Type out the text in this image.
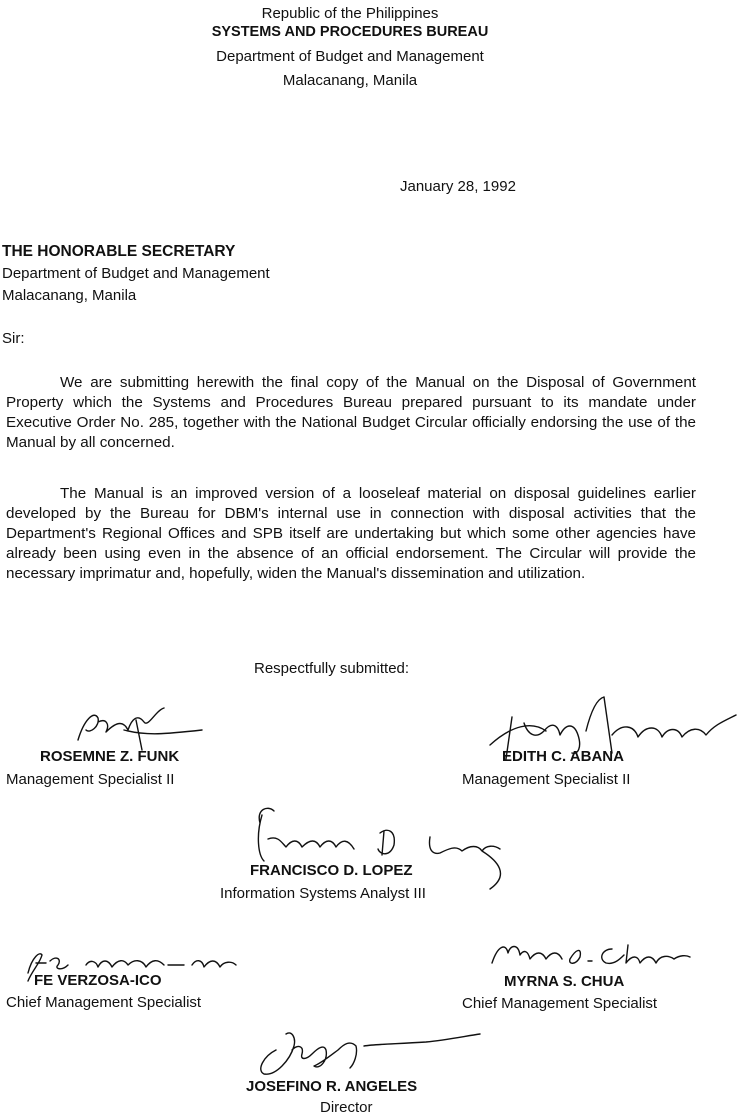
Republic of the Philippines
SYSTEMS AND PROCEDURES BUREAU
Department of Budget and Management
Malacanang, Manila
January 28, 1992
THE HONORABLE SECRETARY
Department of Budget and Management
Malacanang, Manila
Sir:
We are submitting herewith the final copy of the Manual on the Disposal of Government Property which the Systems and Procedures Bureau prepared pursuant to its mandate under Executive Order No. 285, together with the National Budget Circular officially endorsing the use of the Manual by all concerned.
The Manual is an improved version of a looseleaf material on disposal guidelines earlier developed by the Bureau for DBM's internal use in connection with disposal activities that the Department's Regional Offices and SPB itself are undertaking but which some other agencies have already been using even in the absence of an official endorsement. The Circular will provide the necessary imprimatur and, hopefully, widen the Manual's dissemination and utilization.
Respectfully submitted:
ROSEMNE Z. FUNK
Management Specialist II
EDITH C. ABANA
Management Specialist II
FRANCISCO D. LOPEZ
Information Systems Analyst III
FE VERZOSA-ICO
Chief Management Specialist
MYRNA S. CHUA
Chief Management Specialist
JOSEFINO R. ANGELES
Director
